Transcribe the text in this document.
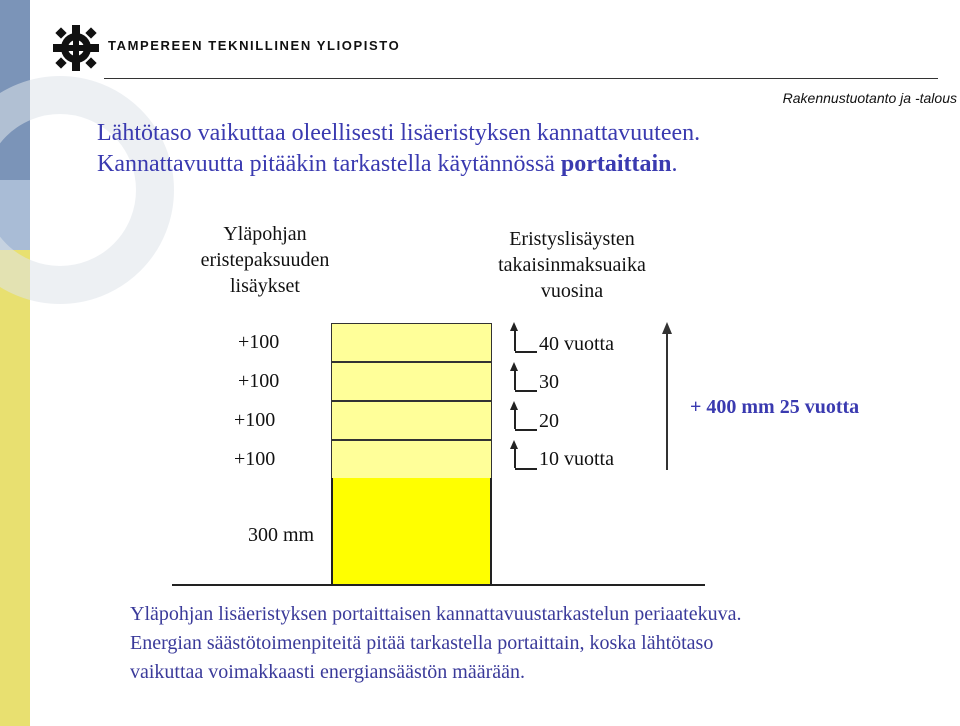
TAMPEREEN TEKNILLINEN YLIOPISTO
Rakennustuotanto ja -talous
Lähtötaso vaikuttaa oleellisesti lisäeristyksen kannattavuuteen.
Kannattavuutta pitääkin tarkastella käytännössä portaittain.
Yläpohjan
eristepaksuuden
lisäykset
Eristyslisäysten
takaisinmaksuaika
vuosina
+100
+100
+100
+100
40 vuotta
30
20
10 vuotta
+ 400 mm 25 vuotta
300 mm
Yläpohjan lisäeristyksen portaittaisen kannattavuustarkastelun periaatekuva.
Energian säästötoimenpiteitä pitää tarkastella portaittain, koska lähtötaso
vaikuttaa voimakkaasti energiansäästön määrään.
